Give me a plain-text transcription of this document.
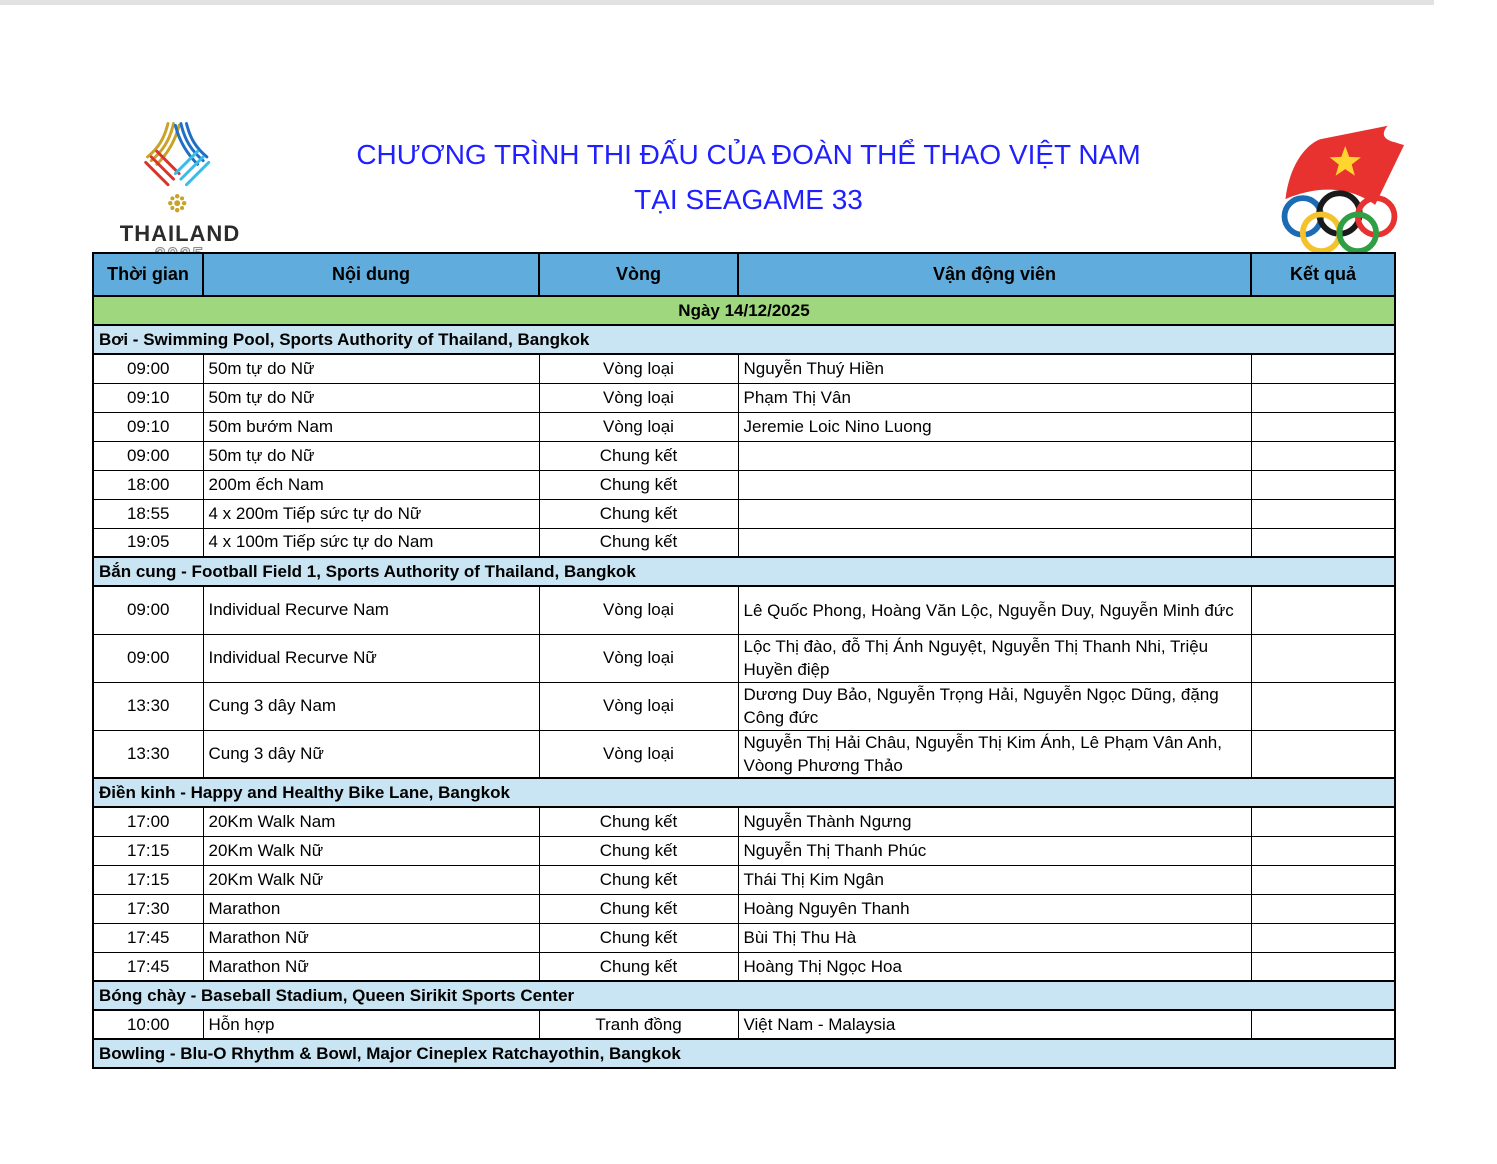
THAILAND
CHƯƠNG TRÌNH THI ĐẤU CỦA ĐOÀN THỂ THAO VIỆT NAM
TẠI SEAGAME 33
Thời gian	Nội dung	Vòng	Vận động viên	Kết quả
Ngày 14/12/2025				
Bơi - Swimming Pool, Sports Authority of Thailand, Bangkok				
09:00	50m tự do Nữ	Vòng loại	Nguyễn Thuý Hiền	
09:10	50m tự do Nữ	Vòng loại	Phạm Thị Vân	
09:10	50m bướm Nam	Vòng loại	Jeremie Loic Nino Luong	
09:00	50m tự do Nữ	Chung kết		
18:00	200m ếch Nam	Chung kết		
18:55	4 x 200m Tiếp sức tự do Nữ	Chung kết		
19:05	4 x 100m Tiếp sức tự do Nam	Chung kết		
Bắn cung - Football Field 1, Sports Authority of Thailand, Bangkok				
09:00	Individual Recurve Nam	Vòng loại	Lê Quốc Phong, Hoàng Văn Lộc, Nguyễn Duy, Nguyễn Minh đức	
09:00	Individual Recurve Nữ	Vòng loại	Lộc Thị đào, đỗ Thị Ánh Nguyệt, Nguyễn Thị Thanh Nhi, Triệu Huyền điệp	
13:30	Cung 3 dây Nam	Vòng loại	Dương Duy Bảo, Nguyễn Trọng Hải, Nguyễn Ngọc Dũng, đặng Công đức	
13:30	Cung 3 dây Nữ	Vòng loại	Nguyễn Thị Hải Châu, Nguyễn Thị Kim Ánh, Lê Phạm Vân Anh, Vòong Phương Thảo	
Điền kinh - Happy and Healthy Bike Lane, Bangkok				
17:00	20Km Walk Nam	Chung kết	Nguyễn Thành Ngưng	
17:15	20Km Walk Nữ	Chung kết	Nguyễn Thị Thanh Phúc	
17:15	20Km Walk Nữ	Chung kết	Thái Thị Kim Ngân	
17:30	Marathon	Chung kết	Hoàng Nguyên Thanh	
17:45	Marathon Nữ	Chung kết	Bùi Thị Thu Hà	
17:45	Marathon Nữ	Chung kết	Hoàng Thị Ngọc Hoa	
Bóng chày - Baseball Stadium, Queen Sirikit Sports Center				
10:00	Hỗn hợp	Tranh đồng	Việt Nam - Malaysia	
Bowling - Blu-O Rhythm & Bowl, Major Cineplex Ratchayothin, Bangkok				
